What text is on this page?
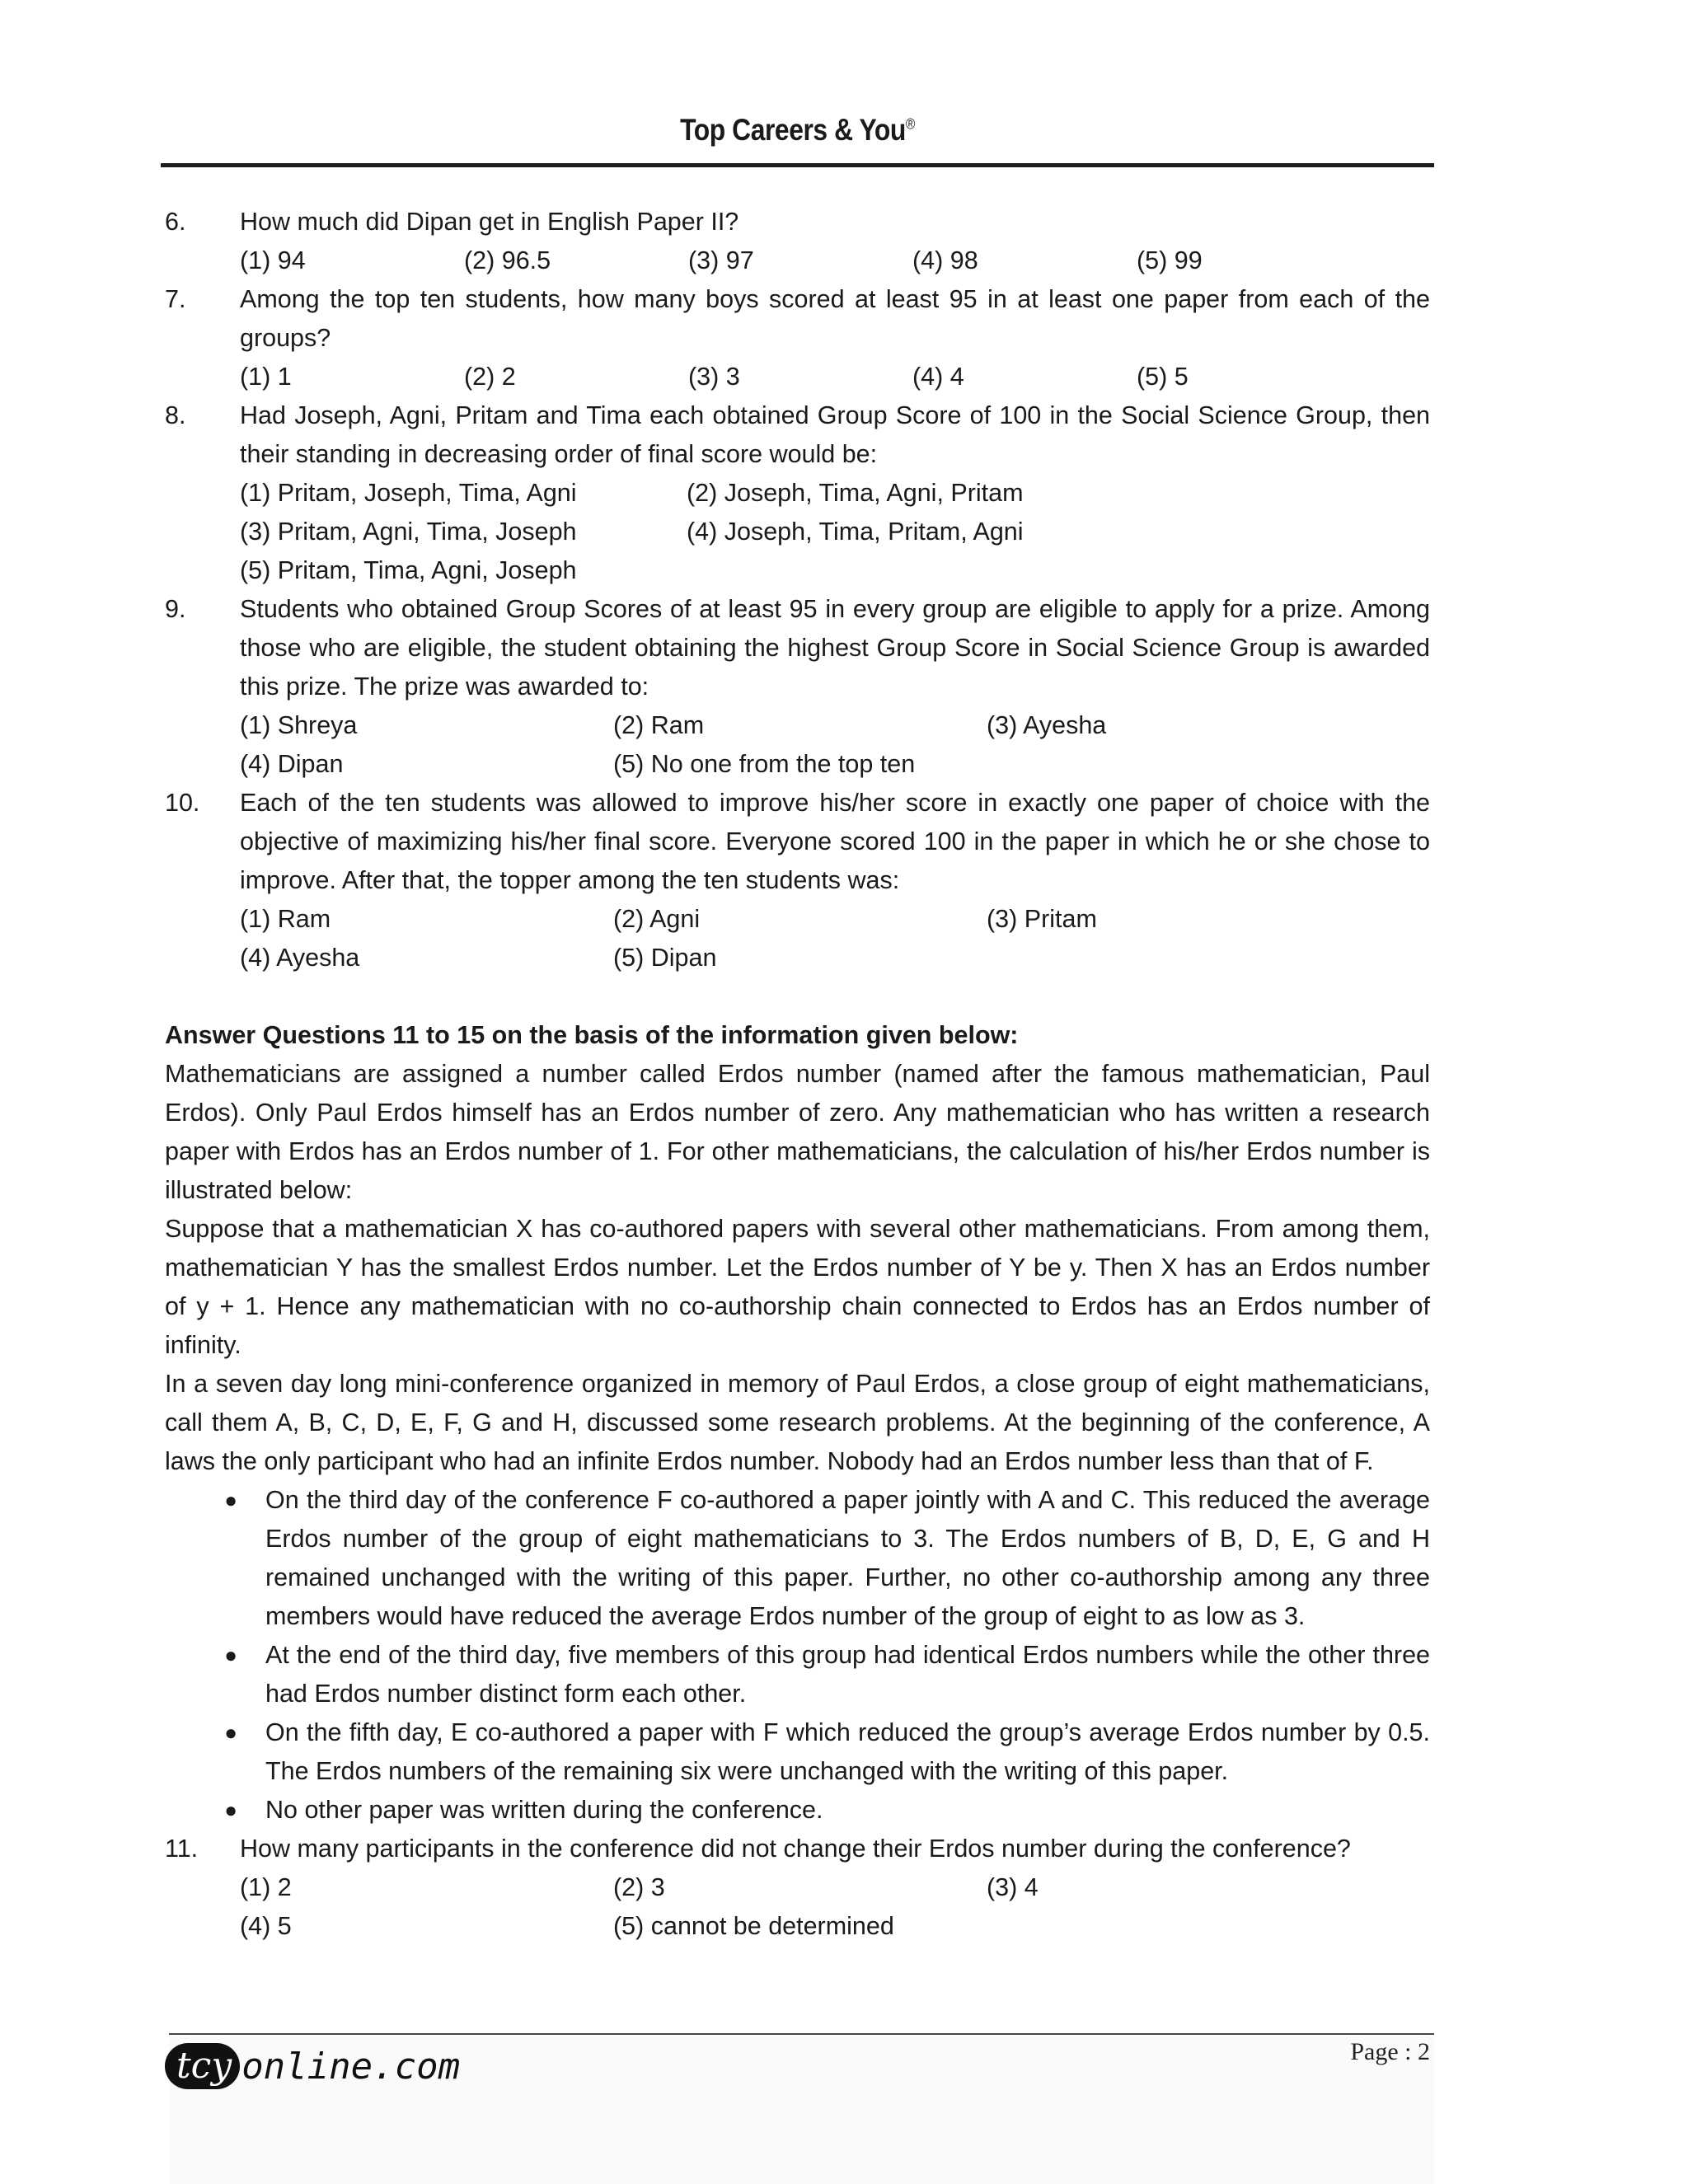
Top Careers & You®
6.	How much did Dipan get in English Paper II?
(1) 94	(2) 96.5	(3) 97	(4) 98	(5) 99
7.	Among the top ten students, how many boys scored at least 95 in at least one paper from each of the groups?
(1) 1	(2) 2	(3) 3	(4) 4	(5) 5
8.	Had Joseph, Agni, Pritam and Tima each obtained Group Score of 100 in the Social Science Group, then their standing in decreasing order of final score would be:
(1) Pritam, Joseph, Tima, Agni	(2) Joseph, Tima, Agni, Pritam
(3) Pritam, Agni, Tima, Joseph	(4) Joseph, Tima, Pritam, Agni
(5) Pritam, Tima, Agni, Joseph
9.	Students who obtained Group Scores of at least 95 in every group are eligible to apply for a prize. Among those who are eligible, the student obtaining the highest Group Score in Social Science Group is awarded this prize. The prize was awarded to:
(1) Shreya	(2) Ram	(3) Ayesha
(4) Dipan	(5) No one from the top ten
10.	Each of the ten students was allowed to improve his/her score in exactly one paper of choice with the objective of maximizing his/her final score. Everyone scored 100 in the paper in which he or she chose to improve. After that, the topper among the ten students was:
(1) Ram	(2) Agni	(3) Pritam
(4) Ayesha	(5) Dipan
Answer Questions 11 to 15 on the basis of the information given below:
Mathematicians are assigned a number called Erdos number (named after the famous mathematician, Paul Erdos). Only Paul Erdos himself has an Erdos number of zero. Any mathematician who has written a research paper with Erdos has an Erdos number of 1. For other mathematicians, the calculation of his/her Erdos number is illustrated below:
Suppose that a mathematician X has co-authored papers with several other mathematicians. From among them, mathematician Y has the smallest Erdos number. Let the Erdos number of Y be y. Then X has an Erdos number of y + 1. Hence any mathematician with no co-authorship chain connected to Erdos has an Erdos number of infinity.
In a seven day long mini-conference organized in memory of Paul Erdos, a close group of eight mathematicians, call them A, B, C, D, E, F, G and H, discussed some research problems. At the beginning of the conference, A laws the only participant who had an infinite Erdos number. Nobody had an Erdos number less than that of F.
●	On the third day of the conference F co-authored a paper jointly with A and C. This reduced the average Erdos number of the group of eight mathematicians to 3. The Erdos numbers of B, D, E, G and H remained unchanged with the writing of this paper. Further, no other co-authorship among any three members would have reduced the average Erdos number of the group of eight to as low as 3.
●	At the end of the third day, five members of this group had identical Erdos numbers while the other three had Erdos number distinct form each other.
●	On the fifth day, E co-authored a paper with F which reduced the group’s average Erdos number by 0.5. The Erdos numbers of the remaining six were unchanged with the writing of this paper.
●	No other paper was written during the conference.
11.	How many participants in the conference did not change their Erdos number during the conference?
(1) 2	(2) 3	(3) 4
(4) 5	(5) cannot be determined
tcy online.com	Page : 2
